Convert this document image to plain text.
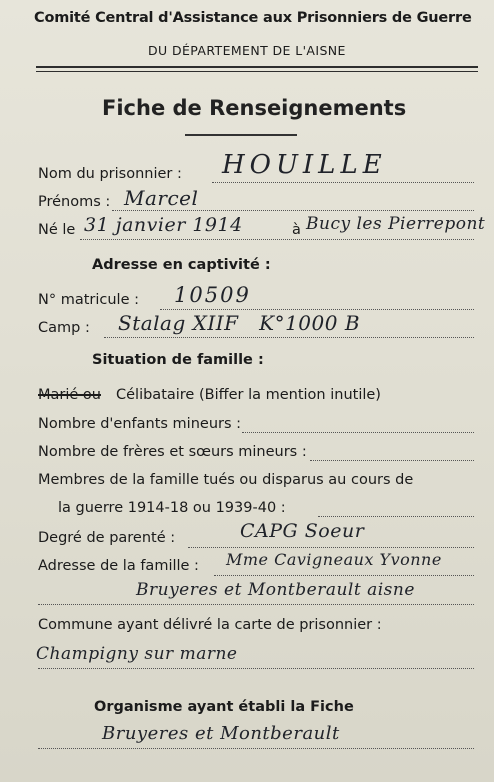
Comité Central d'Assistance aux Prisonniers de Guerre
DU DÉPARTEMENT DE L'AISNE
Fiche de Renseignements
Nom du prisonnier : HOUILLE
Prénoms : Marcel
Né le 31 janvier 1914	à Bucy les Pierrepont
Adresse en captivité :
N° matricule : 10509
Camp : Stalag XIIF   K°1000 B
Situation de famille :
Marié ou Célibataire (Biffer la mention inutile)
Nombre d'enfants mineurs :
Nombre de frères et sœurs mineurs :
Membres de la famille tués ou disparus au cours de
la guerre 1914-18 ou 1939-40 :
Degré de parenté :	CAPG Soeur
Adresse de la famille : Mme Cavigneaux Yvonne
Bruyeres et Montberault aisne
Commune ayant délivré la carte de prisonnier :
Champigny sur marne
Organisme ayant établi la Fiche
Bruyeres et Montberault
